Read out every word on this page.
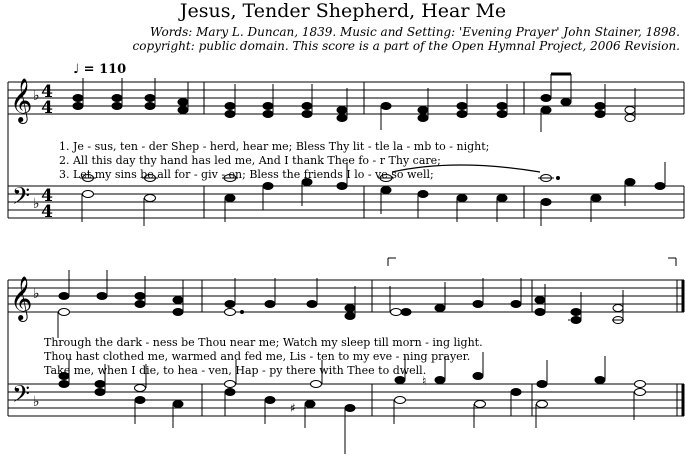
Jesus, Tender Shepherd, Hear Me
Words: Mary L. Duncan, 1839. Music and Setting: 'Evening Prayer' John Stainer, 1898.
copyright: public domain. This score is a part of the Open Hymnal Project, 2006 Revision.
♩ = 110
𝄞
𝄢
𝄞
𝄢
♭
♭
♭
♭
4
4
4
4
♯
♮
1. Je - sus, ten - der Shep - herd, hear me; Bless Thy lit - tle la - mb to - night;
2. All this day thy hand has led me, And I thank Thee fo - r Thy care;
3. Let my sins be all for - giv - en; Bless the friends I lo - ve so well;
Through the dark - ness be Thou near me; Watch my sleep till morn - ing light.
Thou hast clothed me, warmed and fed me, Lis - ten to my eve - ning prayer.
Take me, when I die, to hea - ven, Hap - py there with Thee to dwell.
